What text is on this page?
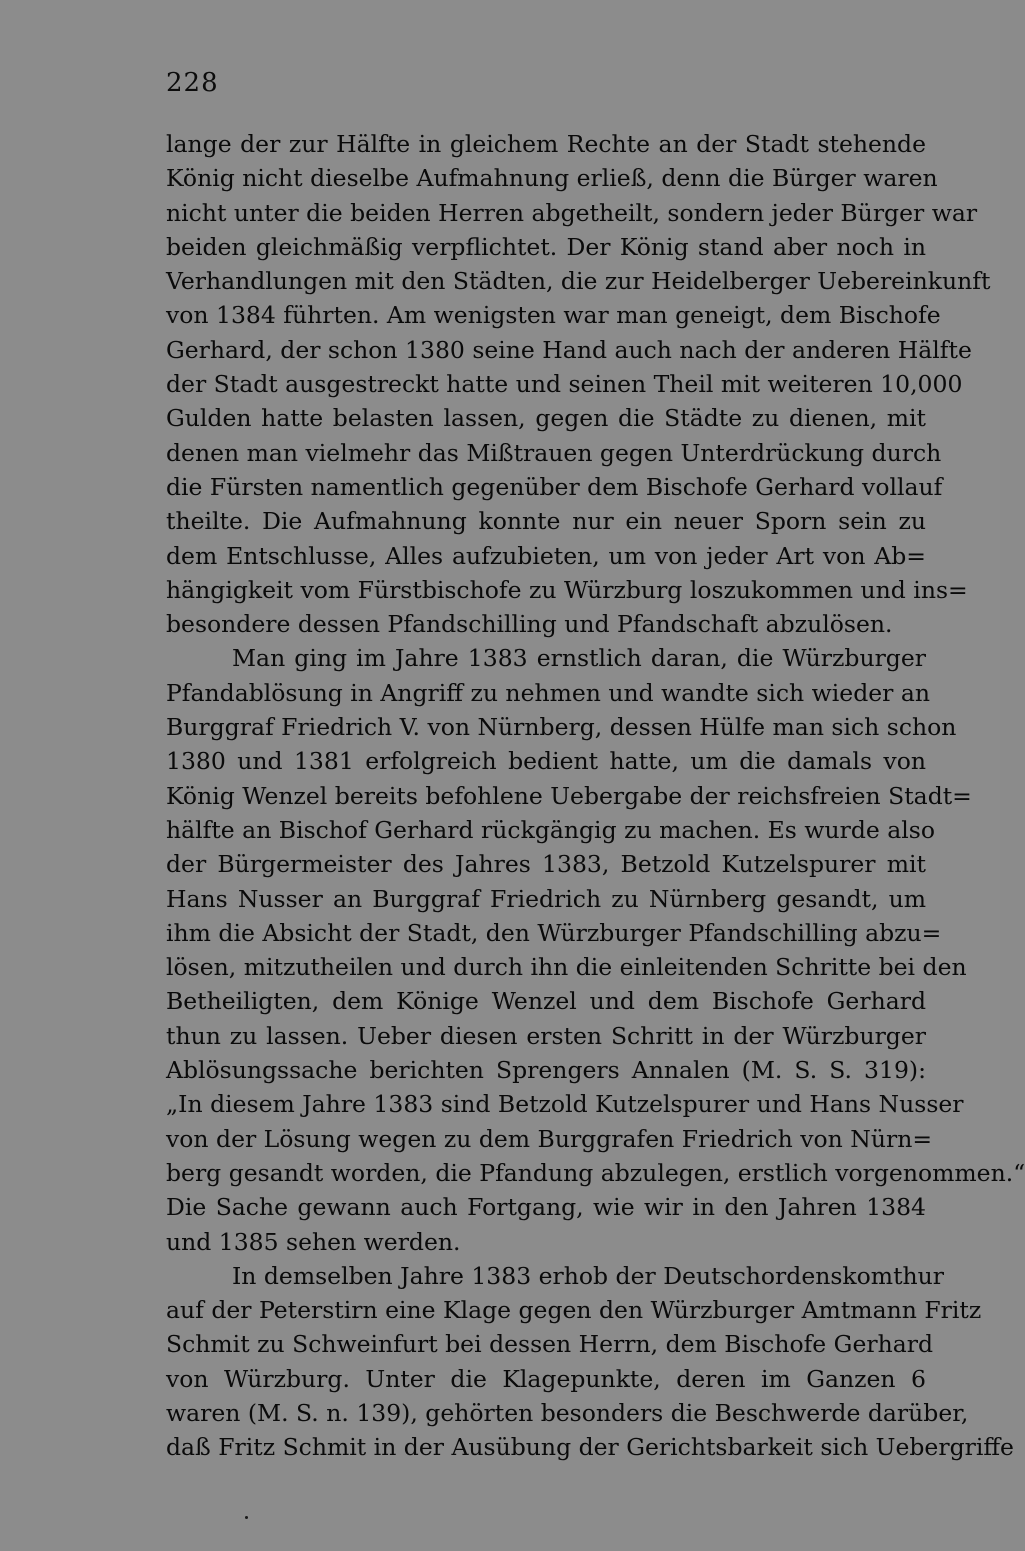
228
lange der zur Hälfte in gleichem Rechte an der Stadt stehende
König nicht dieselbe Aufmahnung erließ, denn die Bürger waren
nicht unter die beiden Herren abgetheilt, sondern jeder Bürger war
beiden gleichmäßig verpflichtet. Der König stand aber noch in
Verhandlungen mit den Städten, die zur Heidelberger Uebereinkunft
von 1384 führten. Am wenigsten war man geneigt, dem Bischofe
Gerhard, der schon 1380 seine Hand auch nach der anderen Hälfte
der Stadt ausgestreckt hatte und seinen Theil mit weiteren 10,000
Gulden hatte belasten lassen, gegen die Städte zu dienen, mit
denen man vielmehr das Mißtrauen gegen Unterdrückung durch
die Fürsten namentlich gegenüber dem Bischofe Gerhard vollauf
theilte. Die Aufmahnung konnte nur ein neuer Sporn sein zu
dem Entschlusse, Alles aufzubieten, um von jeder Art von Ab=
hängigkeit vom Fürstbischofe zu Würzburg loszukommen und ins=
besondere dessen Pfandschilling und Pfandschaft abzulösen.
Man ging im Jahre 1383 ernstlich daran, die Würzburger
Pfandablösung in Angriff zu nehmen und wandte sich wieder an
Burggraf Friedrich V. von Nürnberg, dessen Hülfe man sich schon
1380 und 1381 erfolgreich bedient hatte, um die damals von
König Wenzel bereits befohlene Uebergabe der reichsfreien Stadt=
hälfte an Bischof Gerhard rückgängig zu machen. Es wurde also
der Bürgermeister des Jahres 1383, Betzold Kutzelspurer mit
Hans Nusser an Burggraf Friedrich zu Nürnberg gesandt, um
ihm die Absicht der Stadt, den Würzburger Pfandschilling abzu=
lösen, mitzutheilen und durch ihn die einleitenden Schritte bei den
Betheiligten, dem Könige Wenzel und dem Bischofe Gerhard
thun zu lassen. Ueber diesen ersten Schritt in der Würzburger
Ablösungssache berichten Sprengers Annalen (M. S. S. 319):
„In diesem Jahre 1383 sind Betzold Kutzelspurer und Hans Nusser
von der Lösung wegen zu dem Burggrafen Friedrich von Nürn=
berg gesandt worden, die Pfandung abzulegen, erstlich vorgenommen.“
Die Sache gewann auch Fortgang, wie wir in den Jahren 1384
und 1385 sehen werden.
In demselben Jahre 1383 erhob der Deutschordenskomthur
auf der Peterstirn eine Klage gegen den Würzburger Amtmann Fritz
Schmit zu Schweinfurt bei dessen Herrn, dem Bischofe Gerhard
von Würzburg. Unter die Klagepunkte, deren im Ganzen 6
waren (M. S. n. 139), gehörten besonders die Beschwerde darüber,
daß Fritz Schmit in der Ausübung der Gerichtsbarkeit sich Uebergriffe
